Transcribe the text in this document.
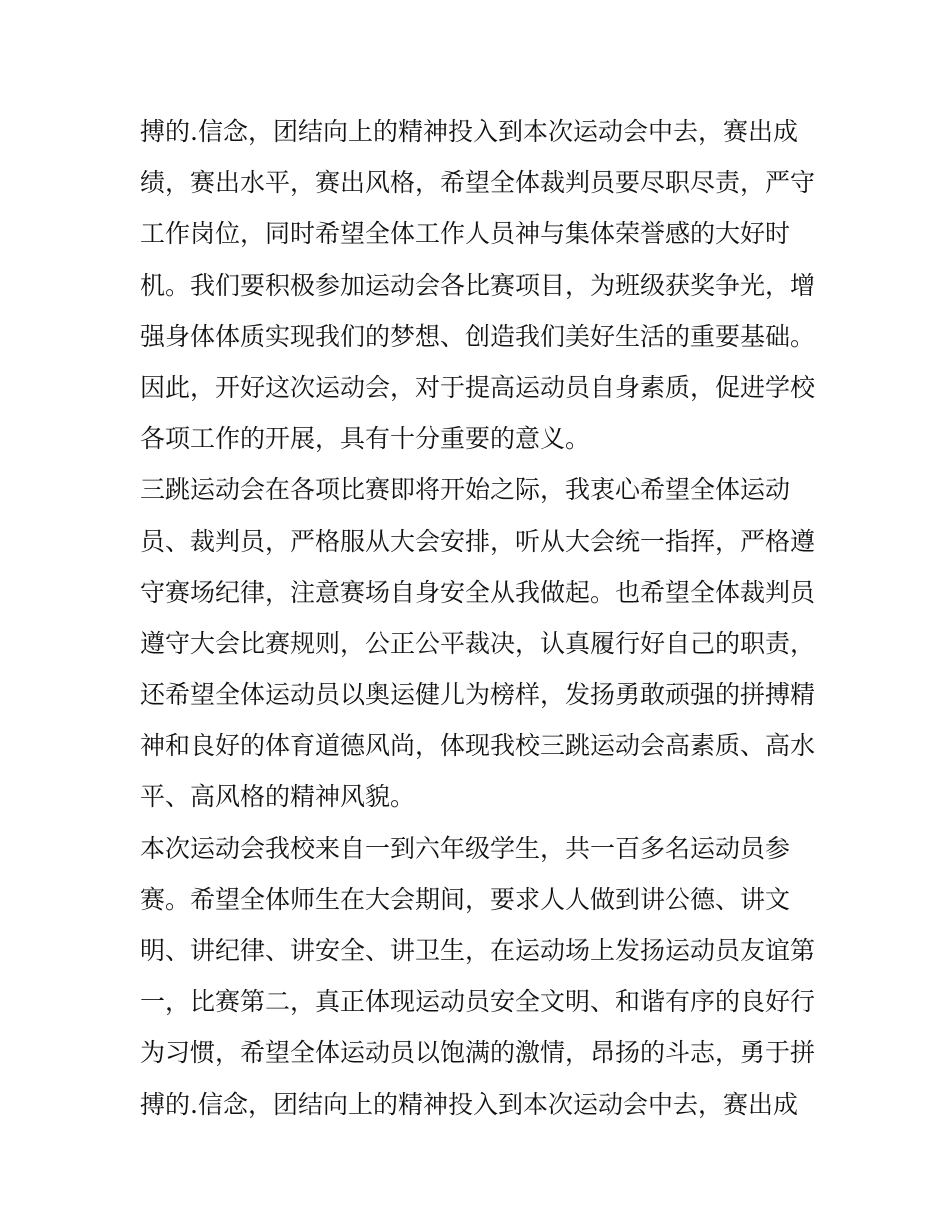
搏的.信念，团结向上的精神投入到本次运动会中去，赛出成
绩，赛出水平，赛出风格，希望全体裁判员要尽职尽责，严守
工作岗位，同时希望全体工作人员神与集体荣誉感的大好时
机。我们要积极参加运动会各比赛项目，为班级获奖争光，增
强身体体质实现我们的梦想、创造我们美好生活的重要基础。
因此，开好这次运动会，对于提高运动员自身素质，促进学校
各项工作的开展，具有十分重要的意义。
三跳运动会在各项比赛即将开始之际，我衷心希望全体运动
员、裁判员，严格服从大会安排，听从大会统一指挥，严格遵
守赛场纪律，注意赛场自身安全从我做起。也希望全体裁判员
遵守大会比赛规则，公正公平裁决，认真履行好自己的职责，
还希望全体运动员以奥运健儿为榜样，发扬勇敢顽强的拼搏精
神和良好的体育道德风尚，体现我校三跳运动会高素质、高水
平、高风格的精神风貌。
本次运动会我校来自一到六年级学生，共一百多名运动员参
赛。希望全体师生在大会期间，要求人人做到讲公德、讲文
明、讲纪律、讲安全、讲卫生，在运动场上发扬运动员友谊第
一，比赛第二，真正体现运动员安全文明、和谐有序的良好行
为习惯，希望全体运动员以饱满的激情，昂扬的斗志，勇于拼
搏的.信念，团结向上的精神投入到本次运动会中去，赛出成
